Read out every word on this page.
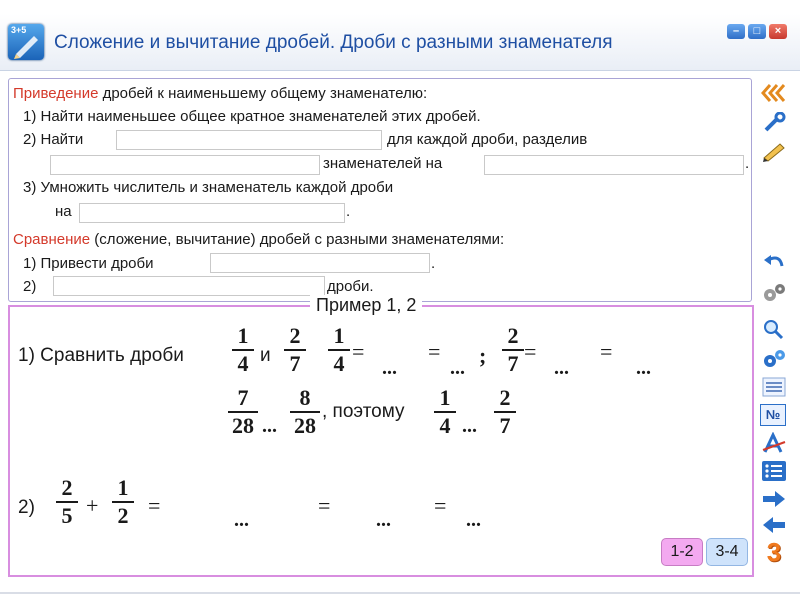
3+5
Сложение и вычитание дробей. Дроби с разными знаменателя
–	□	×
Приведение дробей к наименьшему общему знаменателю:
1) Найти наименьшее общее кратное знаменателей этих дробей.
2) Найти	для каждой дроби, разделив
знаменателей на	.
3) Умножить числитель и знаменатель каждой дроби
на	.
Сравнение (сложение, вычитание) дробей с разными знаменателями:
1) Привести дроби	.
2)	дроби.
Пример 1, 2
1) Сравнить дроби
1
4 и
2
7
1
4 =
...
=
... ;
2
7 =
...
=
...
7
28 ...
8
28
, поэтому
1
4 ...
2
7
2)
2
5 +
1
2 =
...
=
...
=
...
1-2	3-4
№
3
